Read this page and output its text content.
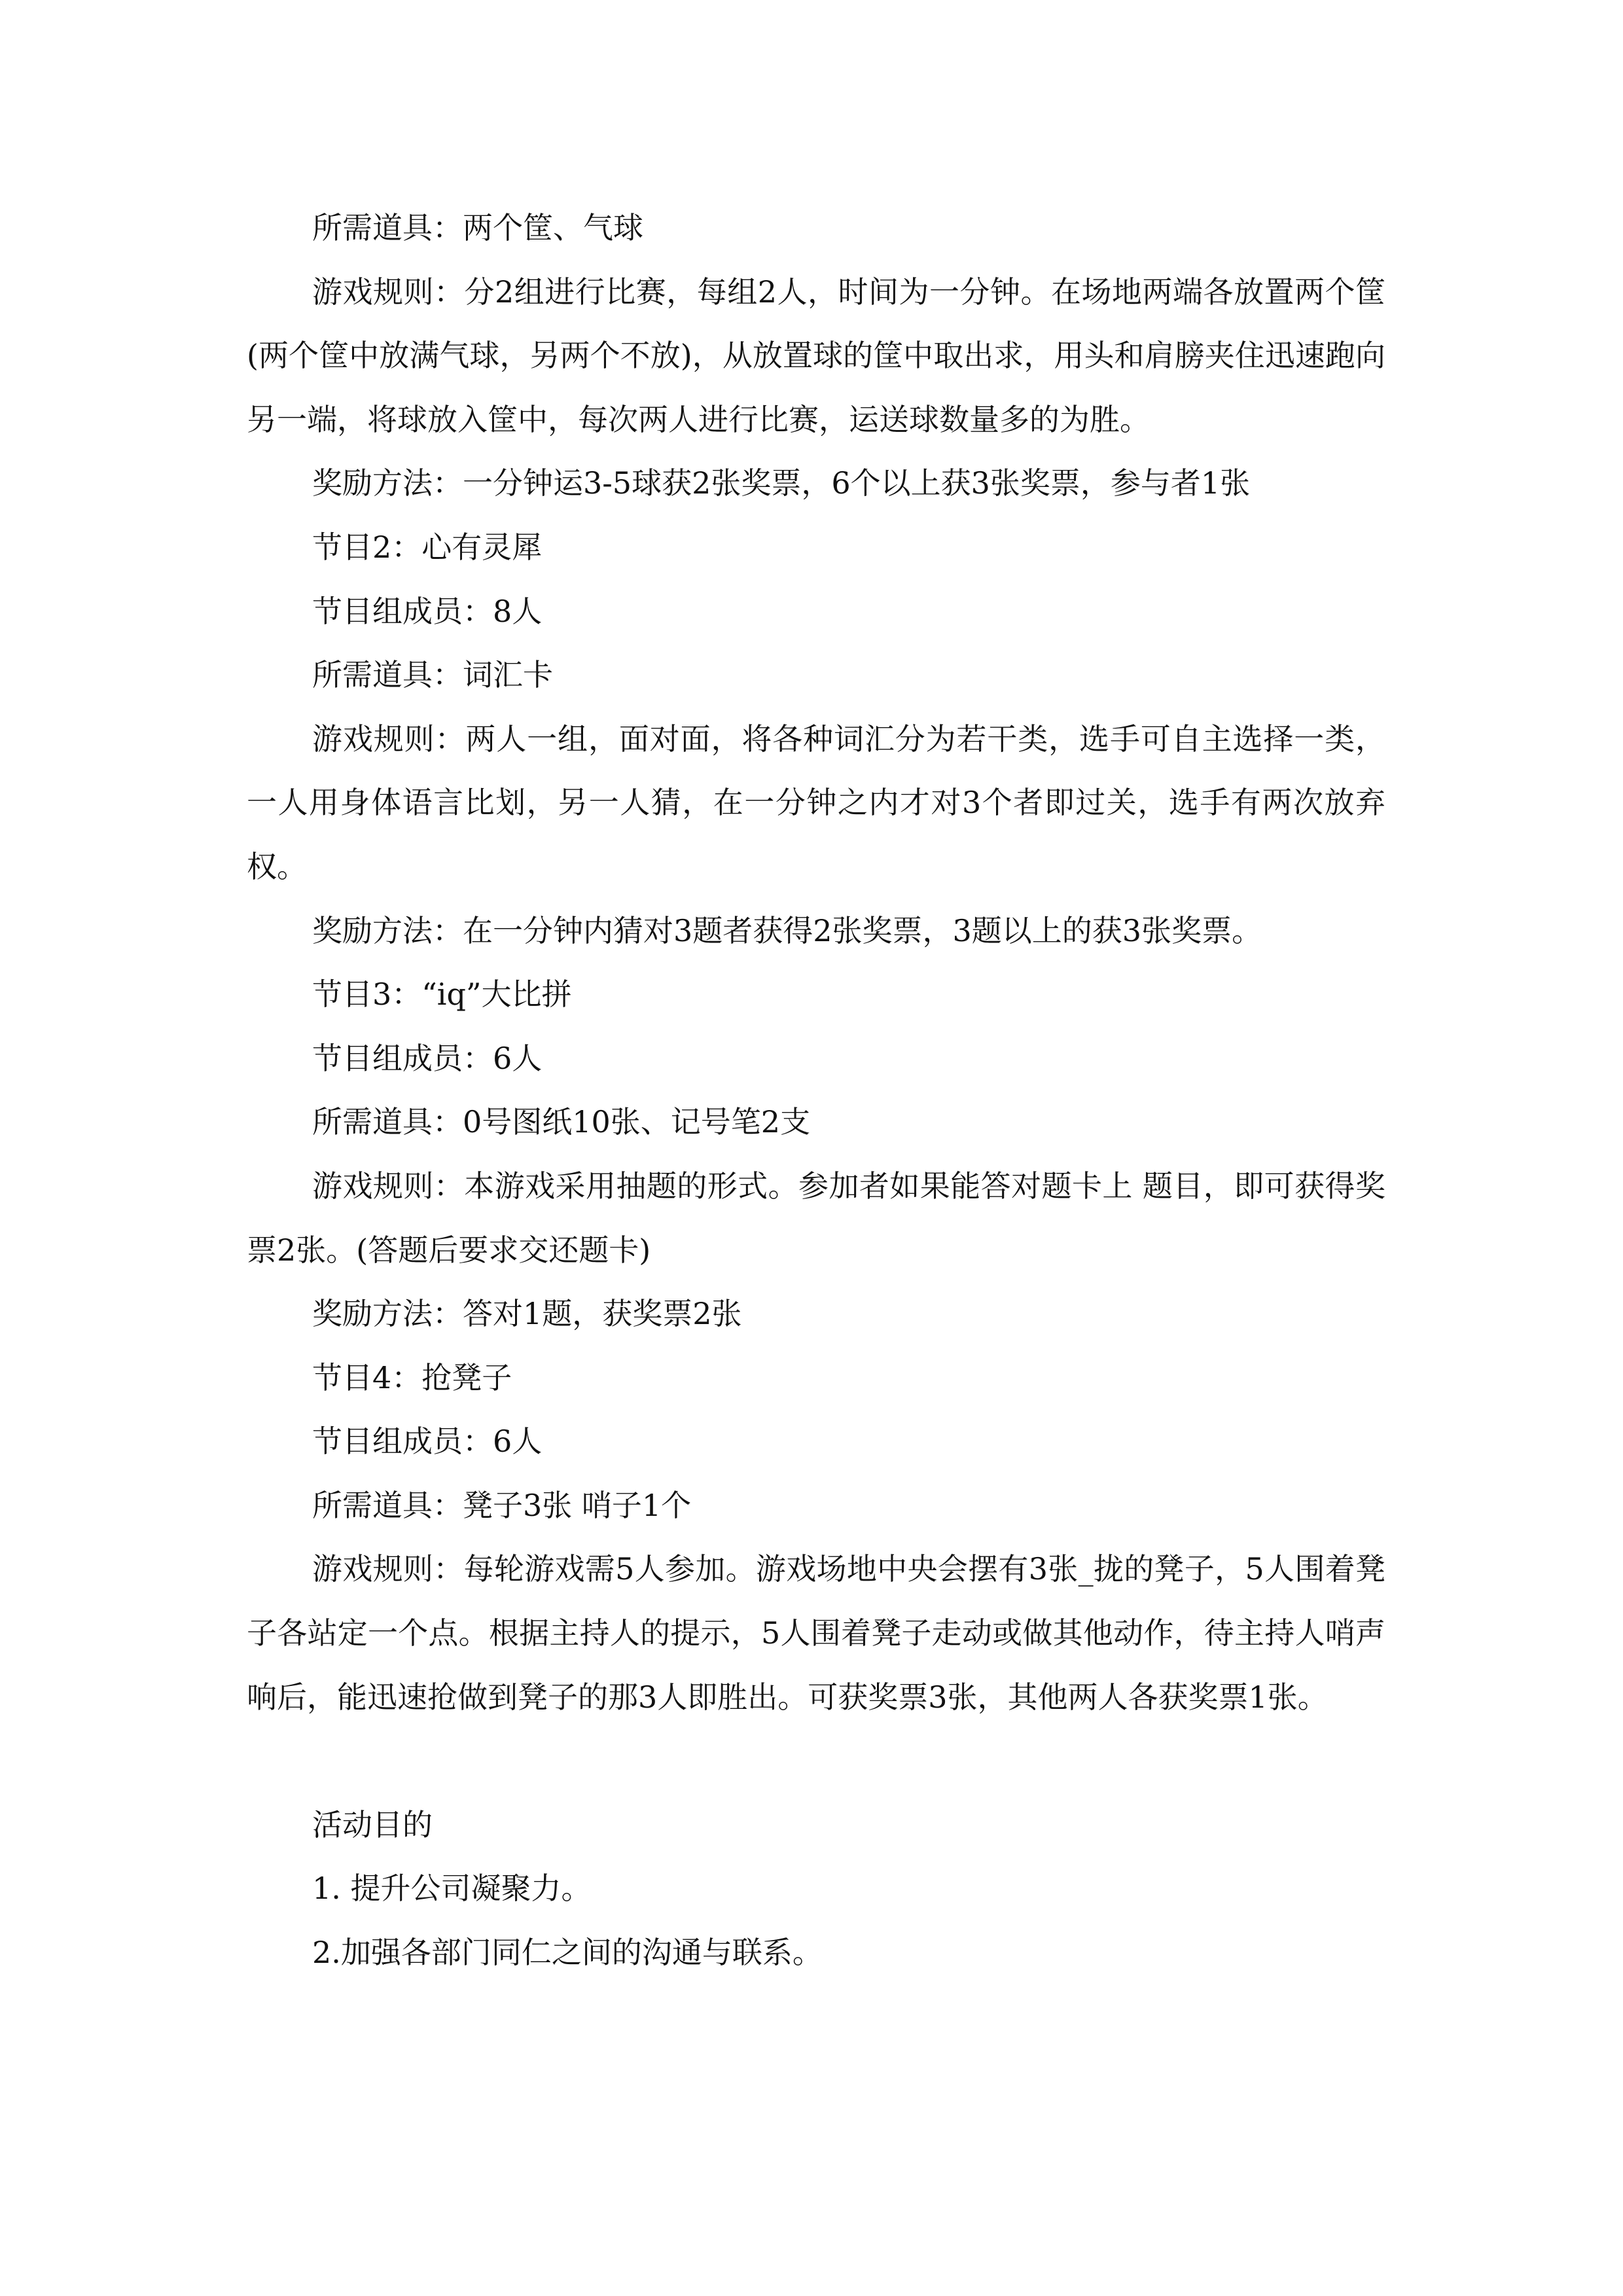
所需道具：两个筐、气球

游戏规则：分2组进行比赛，每组2人，时间为一分钟。在场地两端各放置两个筐(两个筐中放满气球，另两个不放)，从放置球的筐中取出求，用头和肩膀夹住迅速跑向另一端，将球放入筐中，每次两人进行比赛，运送球数量多的为胜。

奖励方法：一分钟运3-5球获2张奖票，6个以上获3张奖票，参与者1张

节目2：心有灵犀

节目组成员：8人

所需道具：词汇卡

游戏规则：两人一组，面对面，将各种词汇分为若干类，选手可自主选择一类，一人用身体语言比划，另一人猜，在一分钟之内才对3个者即过关，选手有两次放弃权。

奖励方法：在一分钟内猜对3题者获得2张奖票，3题以上的获3张奖票。

节目3：“iq”大比拼

节目组成员：6人

所需道具：0号图纸10张、记号笔2支

游戏规则：本游戏采用抽题的形式。参加者如果能答对题卡上 题目，即可获得奖票2张。(答题后要求交还题卡)

奖励方法：答对1题，获奖票2张

节目4：抢凳子

节目组成员：6人

所需道具：凳子3张 哨子1个

游戏规则：每轮游戏需5人参加。游戏场地中央会摆有3张_拢的凳子，5人围着凳子各站定一个点。根据主持人的提示，5人围着凳子走动或做其他动作，待主持人哨声响后，能迅速抢做到凳子的那3人即胜出。可获奖票3张，其他两人各获奖票1张。

活动目的

1. 提升公司凝聚力。

2.加强各部门同仁之间的沟通与联系。
